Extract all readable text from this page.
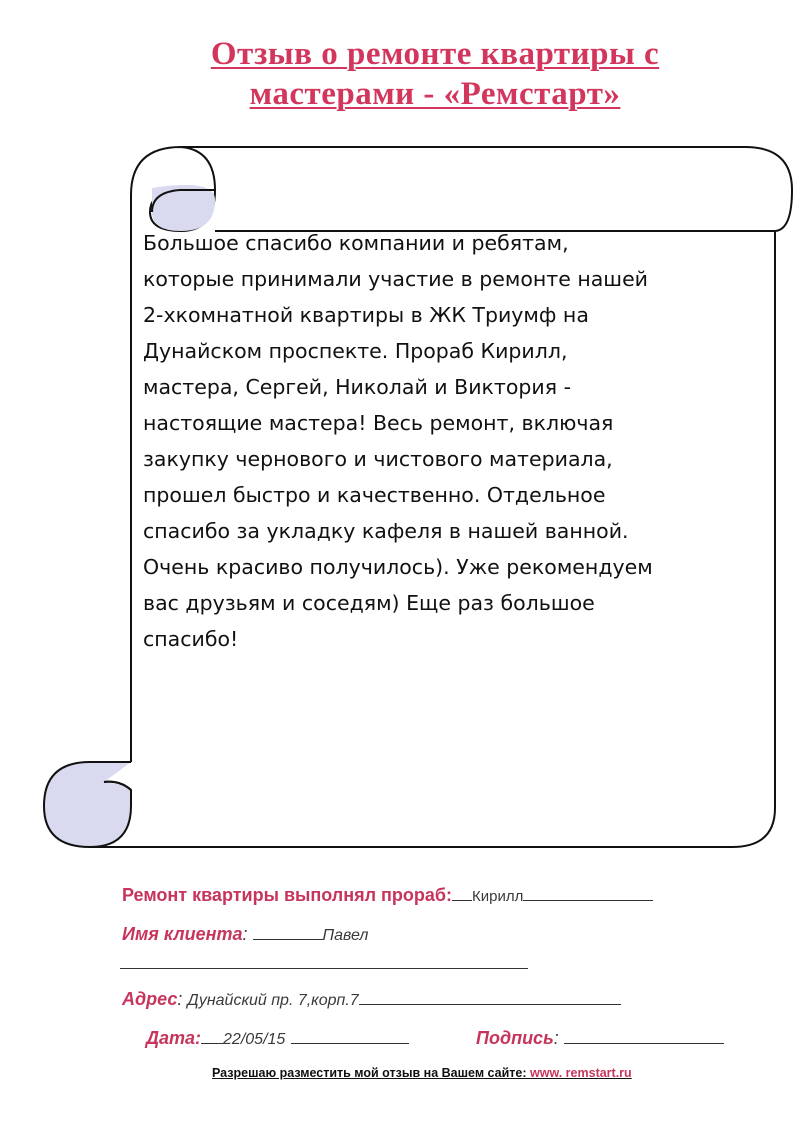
Отзыв о ремонте квартиры с
мастерами - «Ремстарт»
Большое спасибо компании и ребятам,
которые принимали участие в ремонте нашей
2-хкомнатной квартиры в ЖК Триумф на
Дунайском проспекте. Прораб Кирилл,
мастера, Сергей, Николай и Виктория -
настоящие мастера! Весь ремонт, включая
закупку чернового и чистового материала,
прошел быстро и качественно. Отдельное
спасибо за укладку кафеля в нашей ванной.
Очень красиво получилось). Уже рекомендуем
вас друзьям и соседям) Еще раз большое
спасибо!
Ремонт квартиры выполнял прораб: Кирилл
Имя клиента:	Павел
Адрес: Дунайский пр. 7,корп.7
Дата: 22/05/15	Подпись:
Разрешаю разместить мой отзыв на Вашем сайте: www. remstart.ru
